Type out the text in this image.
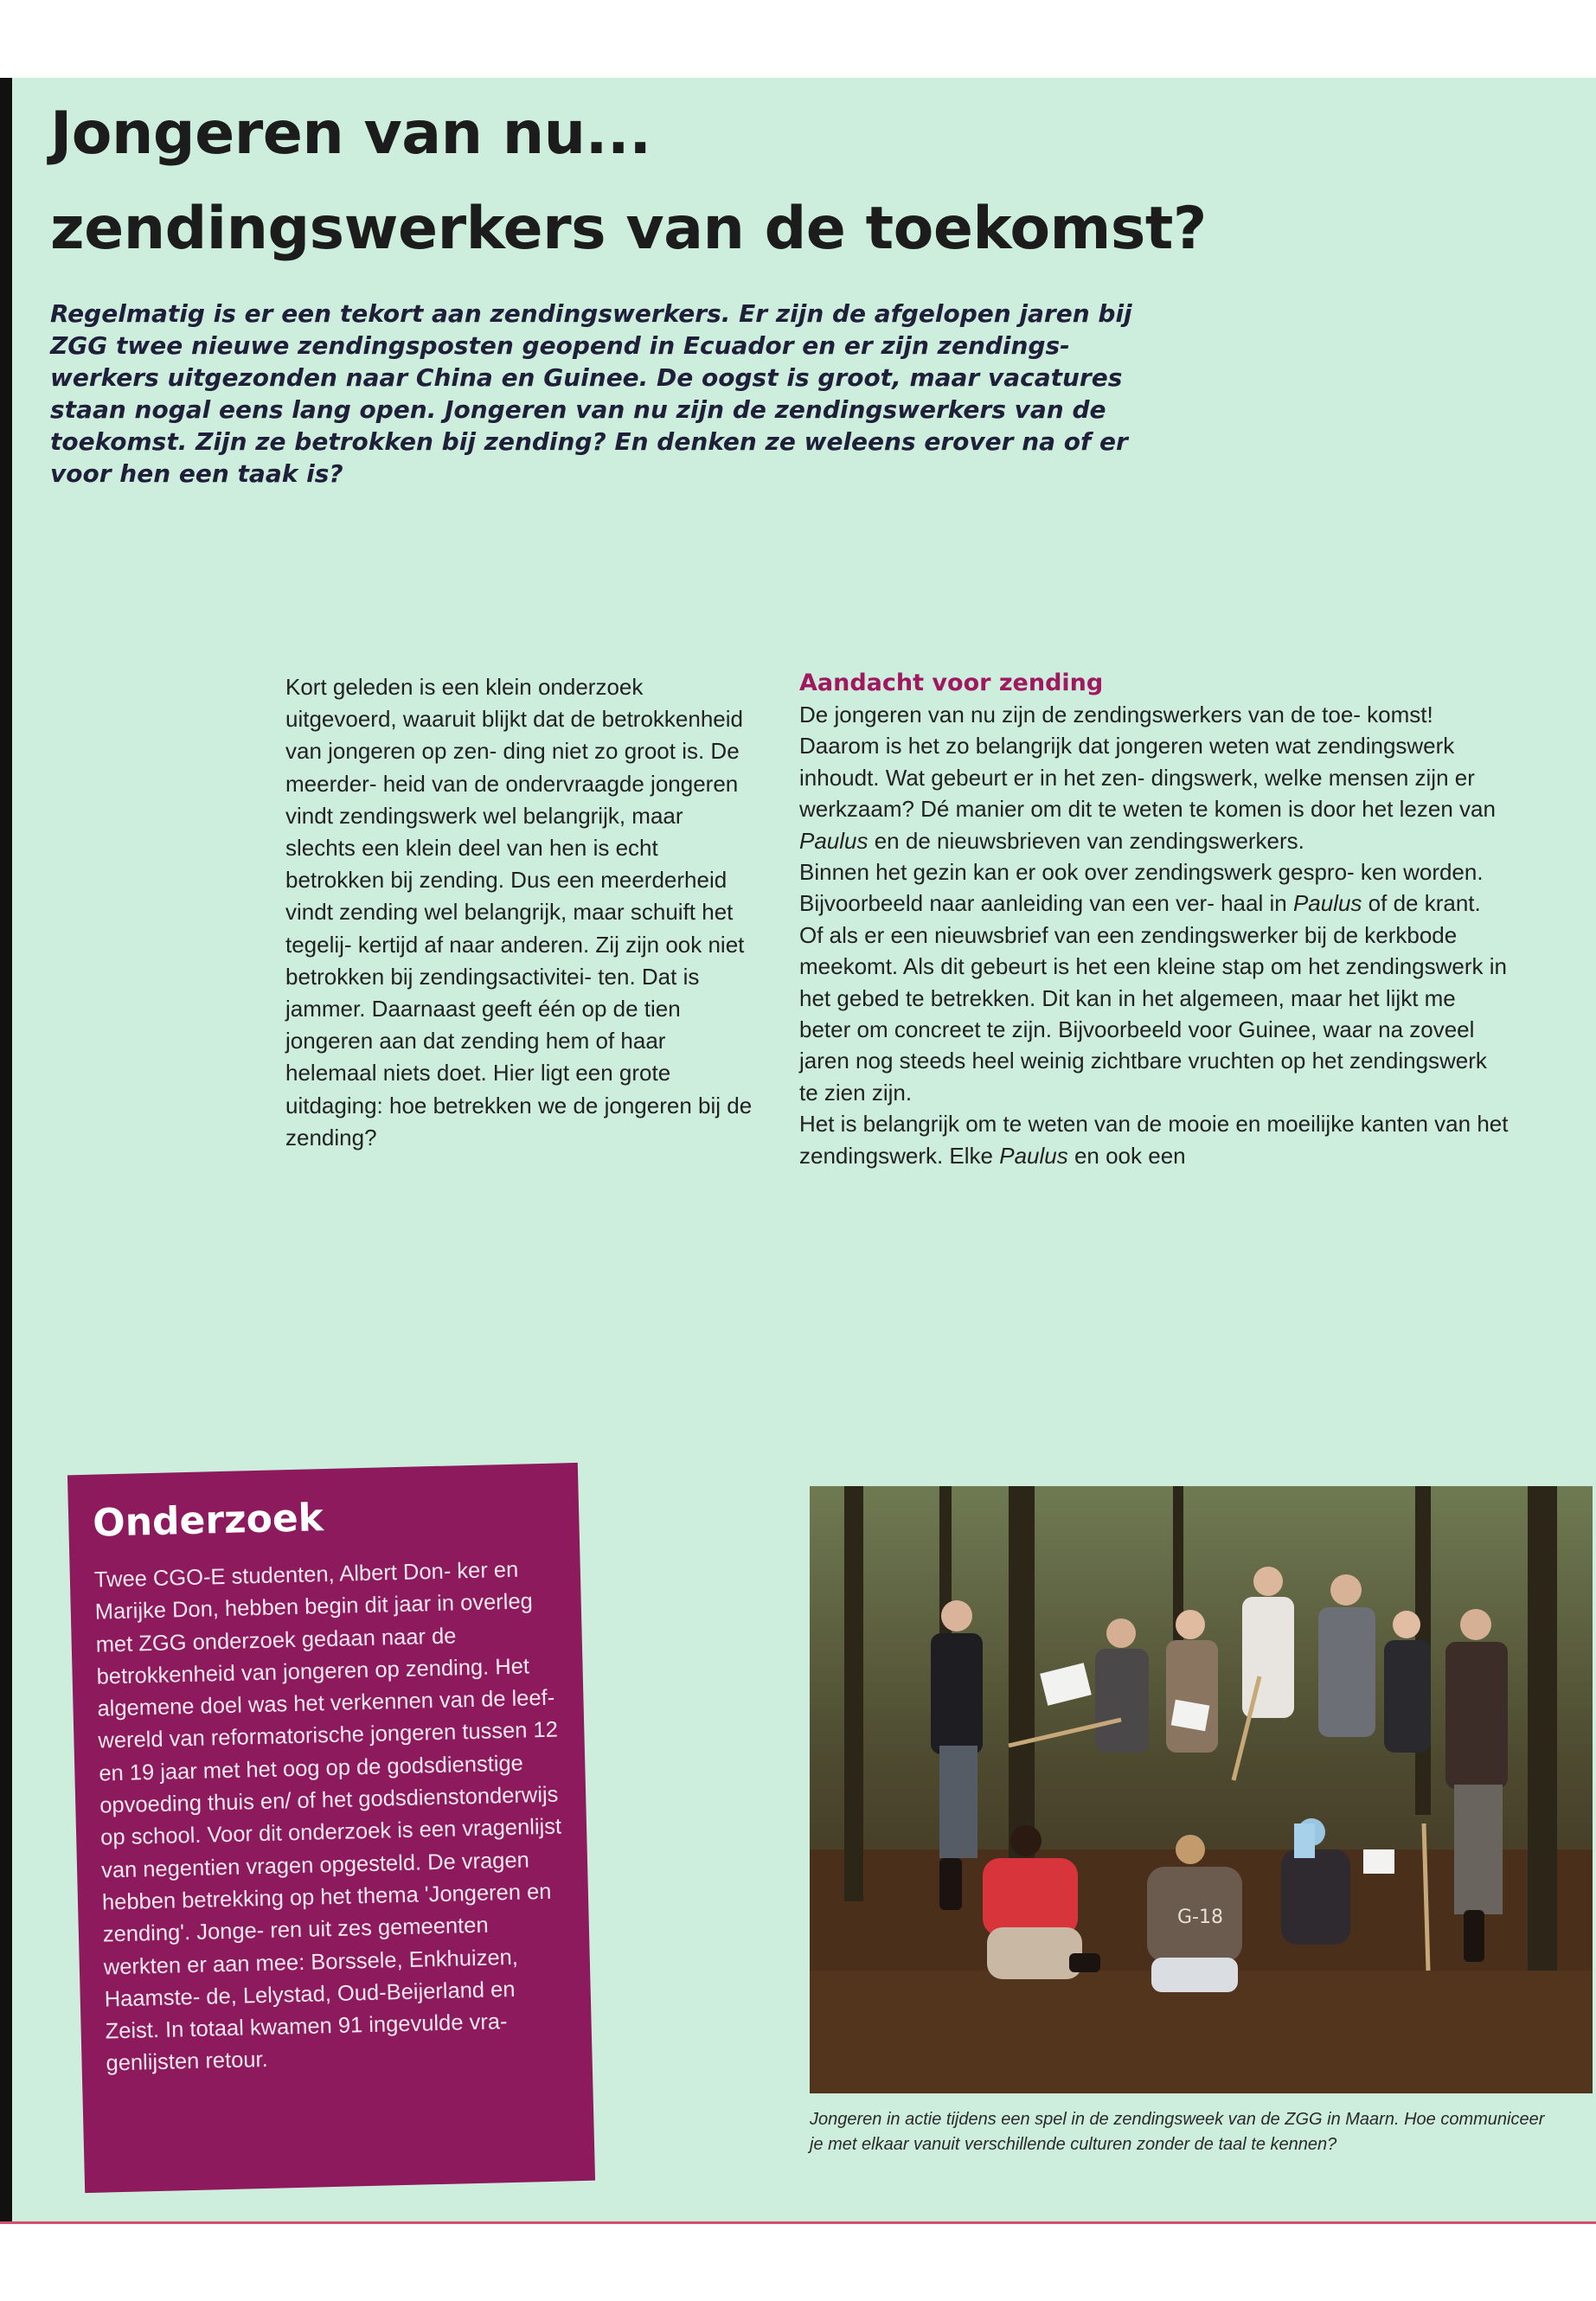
Jongeren van nu...
zendingswerkers van de toekomst?

Regelmatig is er een tekort aan zendingswerkers. Er zijn de afgelopen jaren bij ZGG twee nieuwe zendingsposten geopend in Ecuador en er zijn zendings- werkers uitgezonden naar China en Guinee. De oogst is groot, maar vacatures staan nogal eens lang open. Jongeren van nu zijn de zendingswerkers van de toekomst. Zijn ze betrokken bij zending? En denken ze weleens erover na of er voor hen een taak is?

Kort geleden is een klein onderzoek uitgevoerd, waaruit blijkt dat de betrokkenheid van jongeren op zen- ding niet zo groot is. De meerder- heid van de ondervraagde jongeren vindt zendingswerk wel belangrijk, maar slechts een klein deel van hen is echt betrokken bij zending. Dus een meerderheid vindt zending wel belangrijk, maar schuift het tegelij- kertijd af naar anderen. Zij zijn ook niet betrokken bij zendingsactivitei- ten. Dat is jammer. Daarnaast geeft één op de tien jongeren aan dat zending hem of haar helemaal niets doet. Hier ligt een grote uitdaging: hoe betrekken we de jongeren bij de zending?

Aandacht voor zending

De jongeren van nu zijn de zendingswerkers van de toe- komst! Daarom is het zo belangrijk dat jongeren weten wat zendingswerk inhoudt. Wat gebeurt er in het zen- dingswerk, welke mensen zijn er werkzaam? Dé manier om dit te weten te komen is door het lezen van Paulus en de nieuwsbrieven van zendingswerkers.

Binnen het gezin kan er ook over zendingswerk gespro- ken worden. Bijvoorbeeld naar aanleiding van een ver- haal in Paulus of de krant. Of als er een nieuwsbrief van een zendingswerker bij de kerkbode meekomt. Als dit gebeurt is het een kleine stap om het zendingswerk in het gebed te betrekken. Dit kan in het algemeen, maar het lijkt me beter om concreet te zijn. Bijvoorbeeld voor Guinee, waar na zoveel jaren nog steeds heel weinig zichtbare vruchten op het zendingswerk te zien zijn.

Het is belangrijk om te weten van de mooie en moeilijke kanten van het zendingswerk. Elke Paulus en ook een

Onderzoek

Twee CGO-E studenten, Albert Don- ker en Marijke Don, hebben begin dit jaar in overleg met ZGG onderzoek gedaan naar de betrokkenheid van jongeren op zending. Het algemene doel was het verkennen van de leef- wereld van reformatorische jongeren tussen 12 en 19 jaar met het oog op de godsdienstige opvoeding thuis en/ of het godsdienstonderwijs op school. Voor dit onderzoek is een vragenlijst van negentien vragen opgesteld. De vragen hebben betrekking op het thema 'Jongeren en zending'. Jonge- ren uit zes gemeenten werkten er aan mee: Borssele, Enkhuizen, Haamste- de, Lelystad, Oud-Beijerland en Zeist. In totaal kwamen 91 ingevulde vra- genlijsten retour.

G-18

Jongeren in actie tijdens een spel in de zendingsweek van de ZGG in Maarn. Hoe communiceer je met elkaar vanuit verschillende culturen zonder de taal te kennen?
